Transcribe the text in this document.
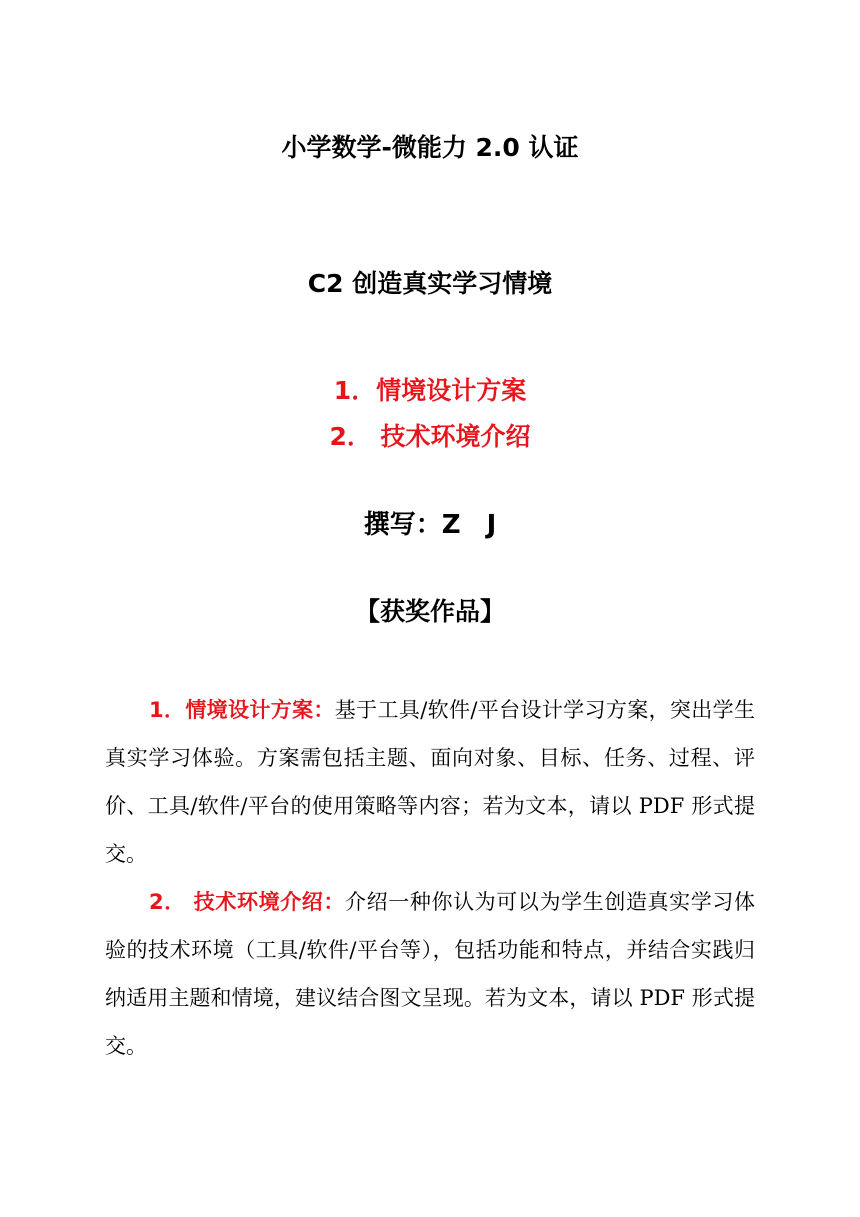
小学数学-微能力 2.0 认证
C2 创造真实学习情境
1．情境设计方案
2． 技术环境介绍
撰写：Z　J
【获奖作品】

1．情境设计方案：基于工具/软件/平台设计学习方案，突出学生真实学习体验。方案需包括主题、面向对象、目标、任务、过程、评价、工具/软件/平台的使用策略等内容；若为文本，请以 PDF 形式提交。

2． 技术环境介绍：介绍一种你认为可以为学生创造真实学习体验的技术环境（工具/软件/平台等），包括功能和特点，并结合实践归纳适用主题和情境，建议结合图文呈现。若为文本，请以 PDF 形式提交。
